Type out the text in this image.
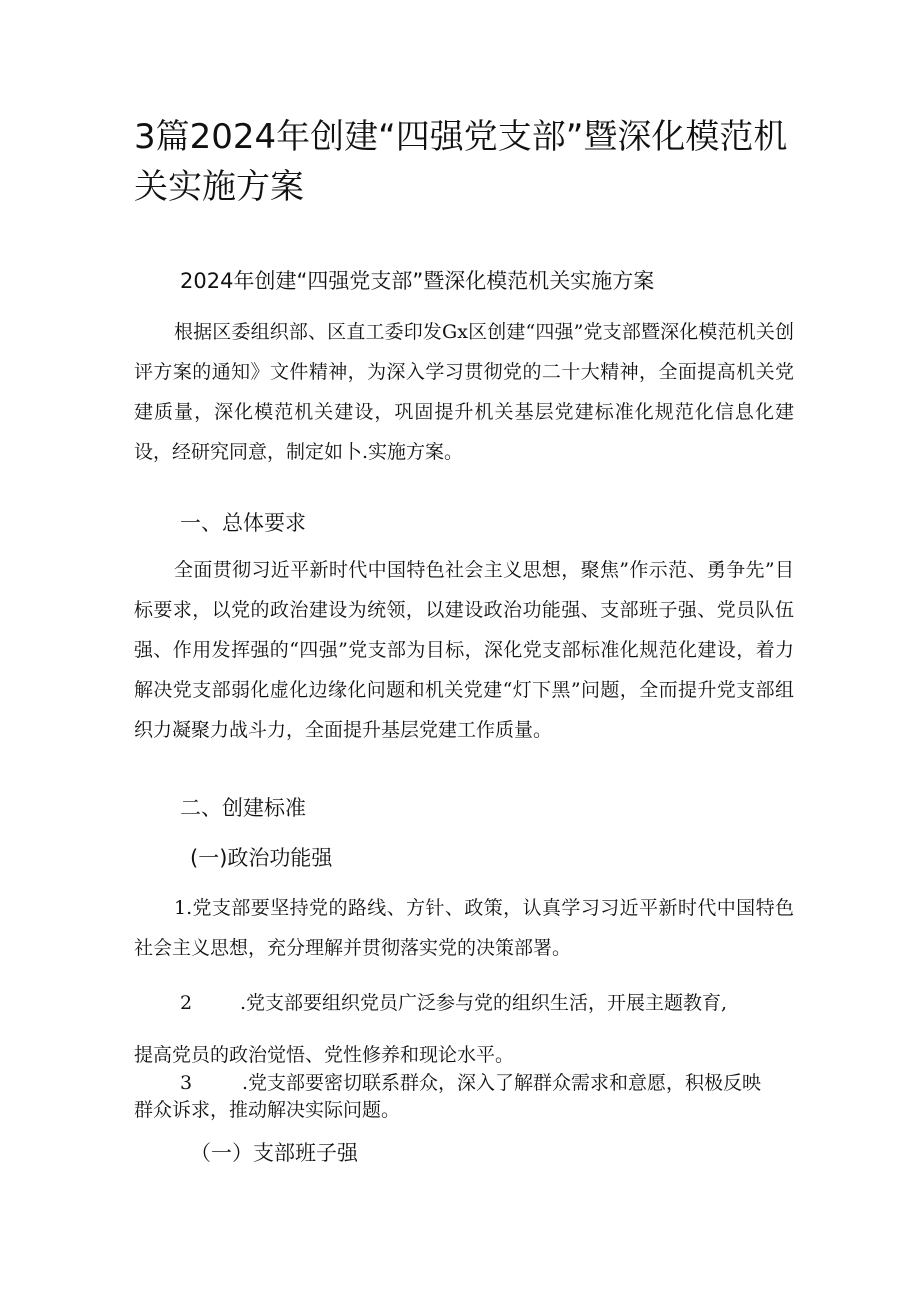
3篇2024年创建“四强党支部”暨深化模范机关实施方案
2024年创建“四强党支部”暨深化模范机关实施方案

根据区委组织部、区直工委印发Gx区创建“四强”党支部暨深化模范机关创评方案的通知》文件精神，为深入学习贯彻党的二十大精神，全面提高机关党建质量，深化模范机关建设，巩固提升机关基层党建标准化规范化信息化建设，经研究同意，制定如卜.实施方案。

一、总体要求

全面贯彻习近平新时代中国特色社会主义思想，聚焦”作示范、勇争先”目标要求，以党的政治建设为统领，以建设政治功能强、支部班子强、党员队伍强、作用发挥强的“四强”党支部为目标，深化党支部标准化规范化建设，着力解决党支部弱化虚化边缘化问题和机关党建“灯下黑”问题，全而提升党支部组织力凝聚力战斗力，全面提升基层党建工作质量。

二、创建标准
(一)政治功能强

1.党支部要坚持党的路线、方针、政策，认真学习习近平新时代中国特色社会主义思想，充分理解并贯彻落实党的决策部署。

2	.党支部要组织党员广泛参与党的组织生活，开展主题教育,
提高党员的政治觉悟、党性修养和现论水平。
3	.党支部要密切联系群众，深入了解群众需求和意愿，积极反映
群众诉求，推动解决实际问题。
（一）支部班子强
